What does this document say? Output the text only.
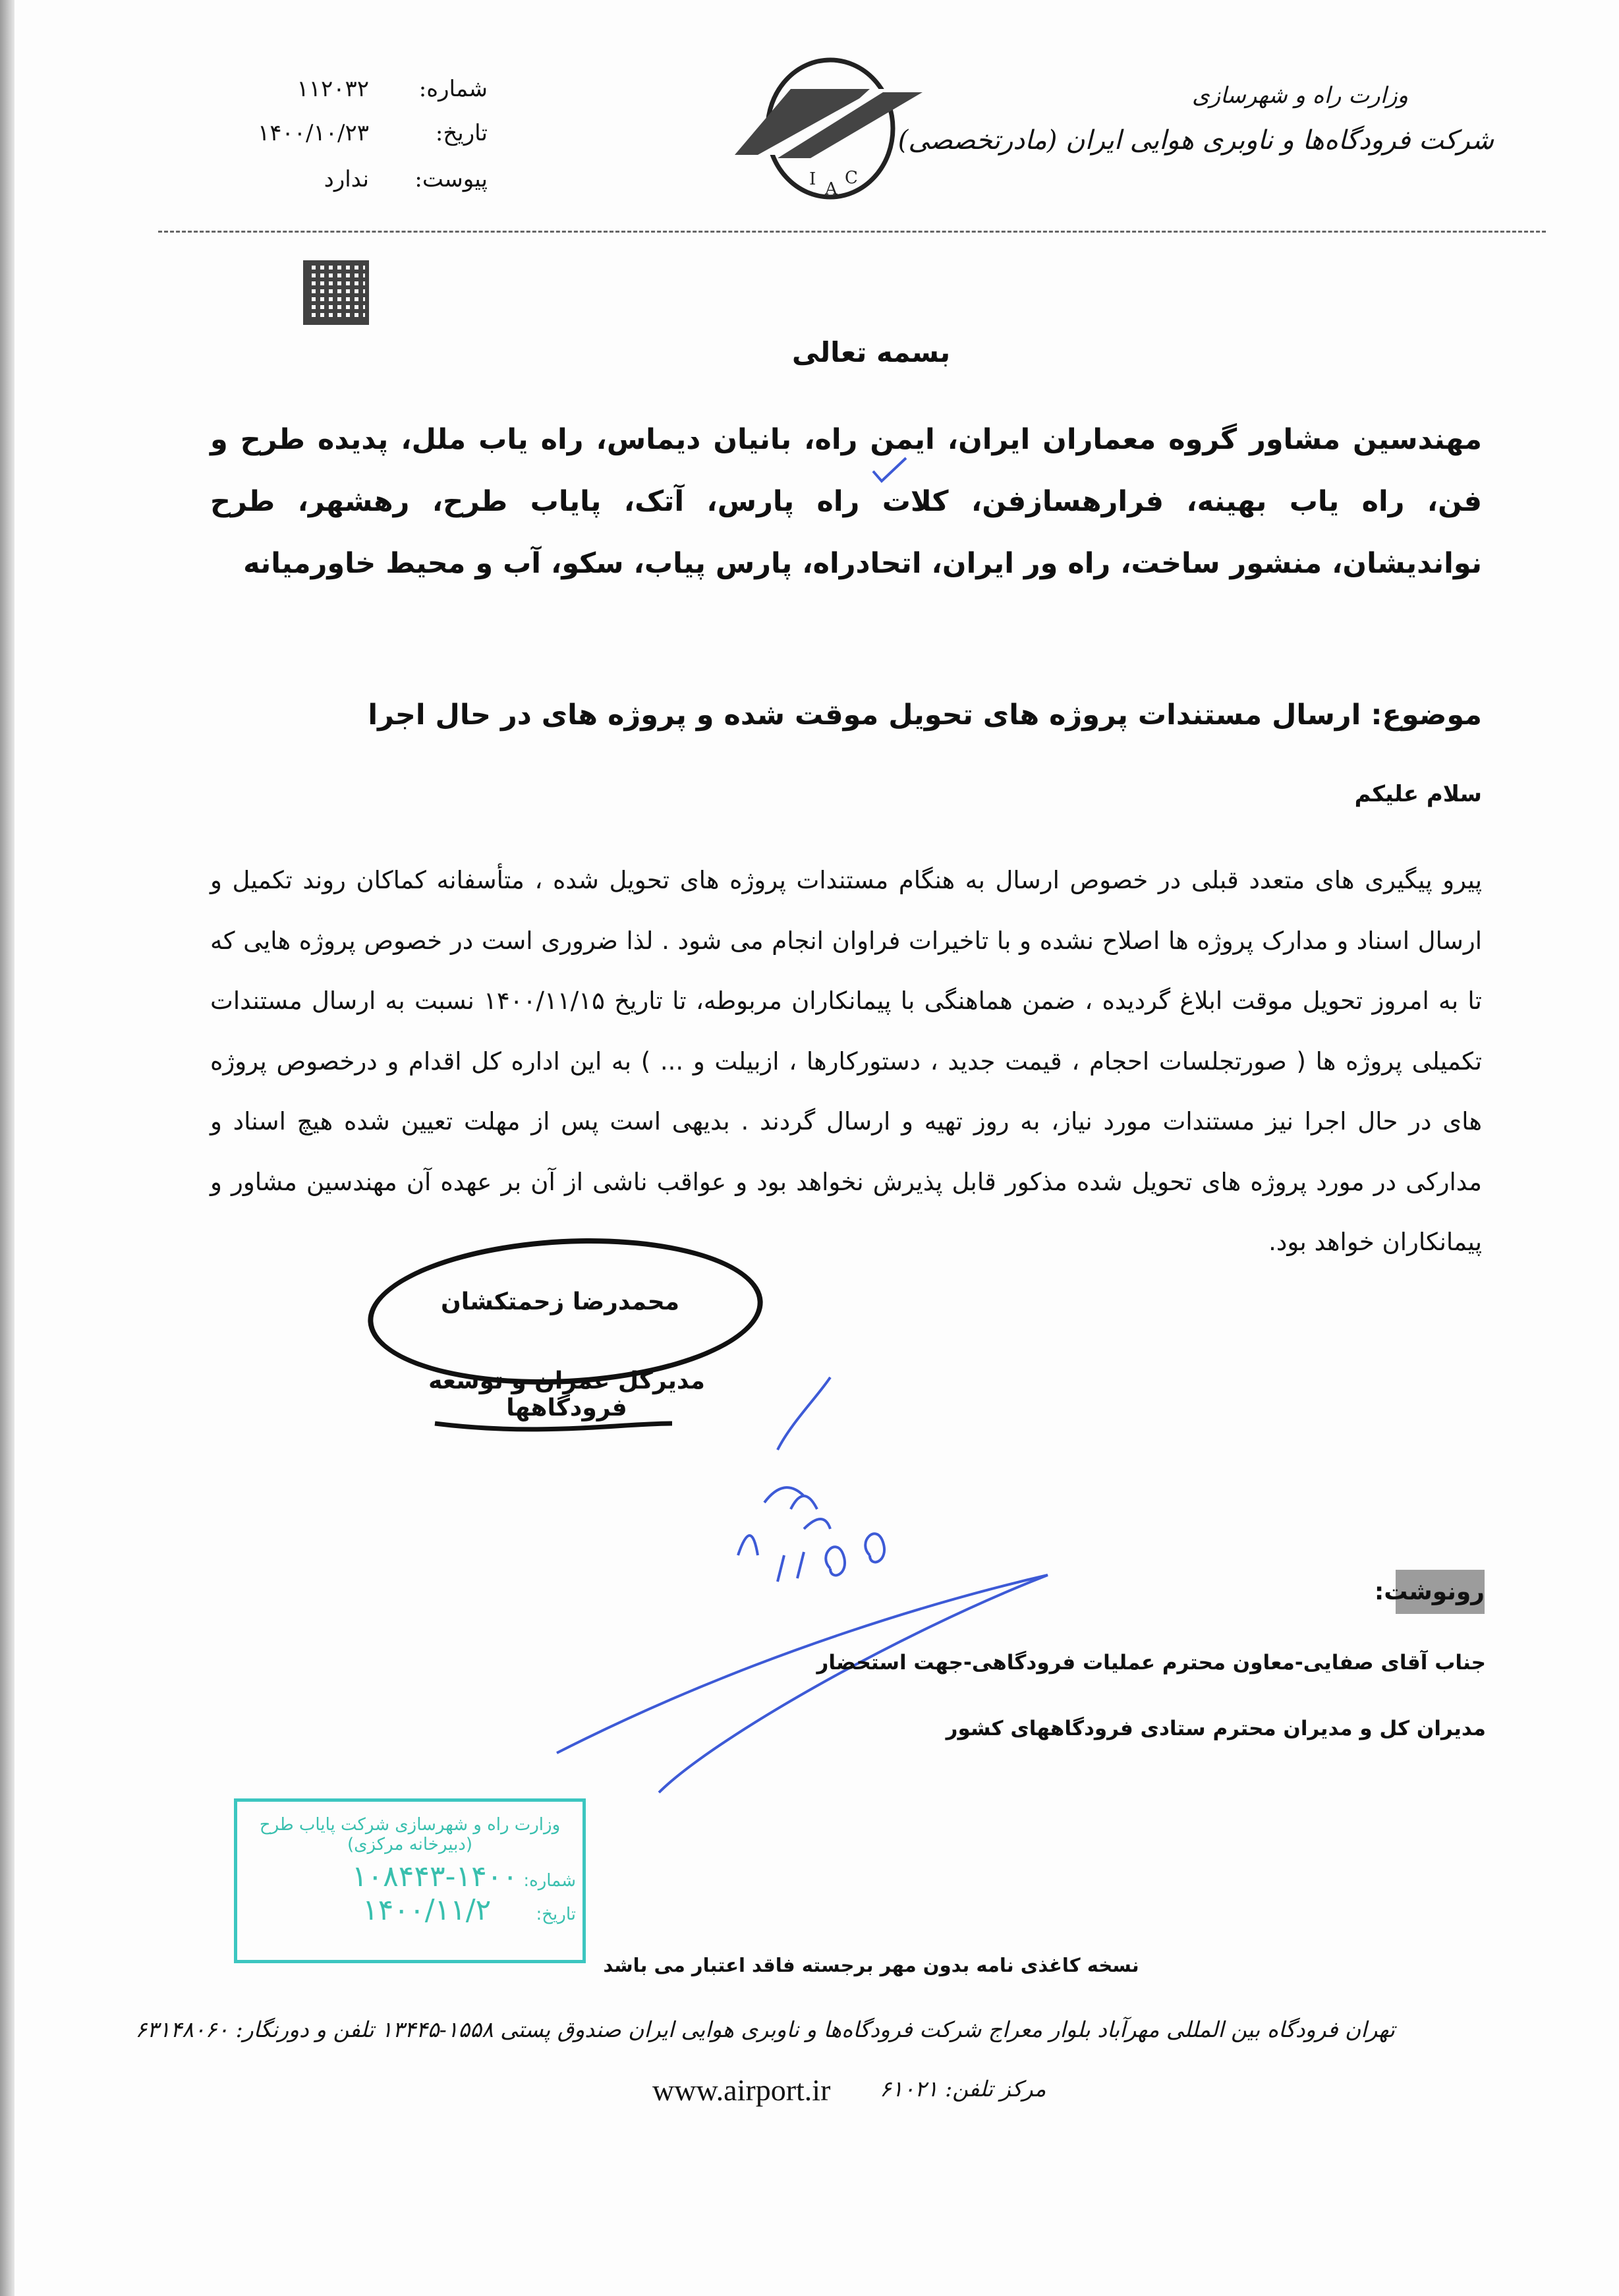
وزارت راه و شهرسازی
شرکت فرودگاه‌ها و ناوبری هوایی ایران (مادرتخصصی)
I A
C
شماره:
۱۱۲۰۳۲
تاریخ:
۱۴۰۰/۱۰/۲۳
پیوست:
ندارد
بسمه تعالی
مهندسین مشاور گروه معماران ایران، ایمن راه، بانیان دیماس، راه یاب ملل، پدیده طرح و فن، راه یاب بهینه، فرارهسازفن، کلات راه پارس، آتک، پایاب طرح، رهشهر، طرح نواندیشان، منشور ساخت، راه ور ایران، اتحادراه، پارس پیاب، سکو، آب و محیط خاورمیانه
موضوع: ارسال مستندات پروژه های تحویل موقت شده و پروژه های در حال اجرا
سلام علیکم

پیرو پیگیری های متعدد قبلی در خصوص ارسال به هنگام مستندات پروژه های تحویل شده ، متأسفانه کماکان روند تکمیل و ارسال اسناد و مدارک پروژه ها اصلاح نشده و با تاخیرات فراوان انجام می شود . لذا ضروری است در خصوص پروژه هایی که تا به امروز تحویل موقت ابلاغ گردیده ، ضمن هماهنگی با پیمانکاران مربوطه، تا تاریخ ۱۴۰۰/۱۱/۱۵ نسبت به ارسال مستندات تکمیلی پروژه ها ( صورتجلسات احجام ، قیمت جدید ، دستورکارها ، ازبیلت و ... ) به این اداره کل اقدام و درخصوص پروژه های در حال اجرا نیز مستندات مورد نیاز، به روز تهیه و ارسال گردند . بدیهی است پس از مهلت تعیین شده هیچ اسناد و مدارکی در مورد پروژه های تحویل شده مذکور قابل پذیرش نخواهد بود و عواقب ناشی از آن بر عهده آن مهندسین مشاور و پیمانکاران خواهد بود.

محمدرضا زحمتکشان
مدیرکل عمران و توسعه فرودگاهها
رونوشت:
جناب آقای صفایی-معاون محترم عملیات فرودگاهی-جهت استحضار
مدیران کل و مدیران محترم ستادی فرودگاههای کشور
وزارت راه و شهرسازی شرکت پایاب طرح
(دبیرخانه مرکزی)
شماره: ۱۴۰۰-۱۰۸۴۴۳
تاریخ: ۱۴۰۰/۱۱/۲
نسخه کاغذی نامه بدون مهر برجسته فاقد اعتبار می باشد
تهران فرودگاه بین المللی مهرآباد بلوار معراج شرکت فرودگاه‌ها و ناوبری هوایی ایران صندوق پستی ۱۵۵۸-۱۳۴۴۵ تلفن و دورنگار: ۶۳۱۴۸۰۶۰
www.airport.ir مرکز تلفن: ۶۱۰۲۱
